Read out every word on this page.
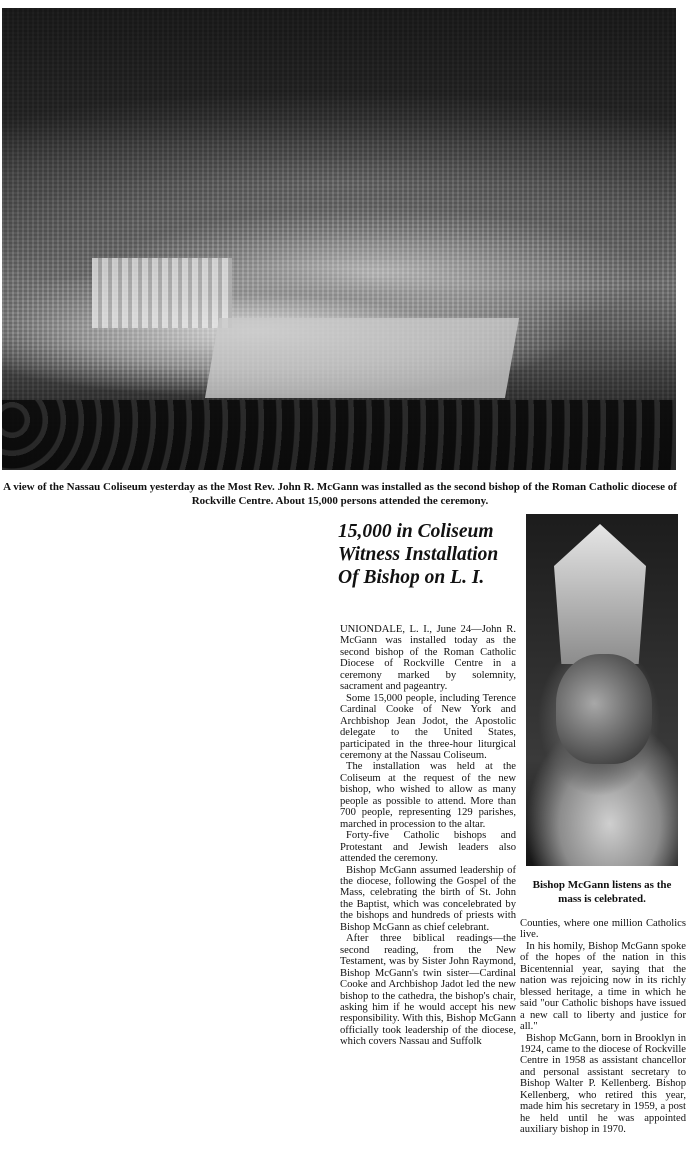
A view of the Nassau Coliseum yesterday as the Most Rev. John R. McGann was installed as the second bishop of the Roman Catholic diocese of Rockville Centre. About 15,000 persons attended the ceremony.
15,000 in Coliseum
Witness Installation
Of Bishop on L. I.
Bishop McGann listens as the mass is celebrated.

UNIONDALE, L. I., June 24—John R. McGann was installed today as the second bishop of the Roman Catholic Diocese of Rockville Centre in a ceremony marked by solemnity, sacrament and pageantry.

Some 15,000 people, including Terence Cardinal Cooke of New York and Archbishop Jean Jodot, the Apostolic delegate to the United States, participated in the three-hour liturgical ceremony at the Nassau Coliseum.

The installation was held at the Coliseum at the request of the new bishop, who wished to allow as many people as possible to attend. More than 700 people, representing 129 parishes, marched in procession to the altar.

Forty-five Catholic bishops and Protestant and Jewish leaders also attended the ceremony.

Bishop McGann assumed leadership of the diocese, following the Gospel of the Mass, celebrating the birth of St. John the Baptist, which was concelebrated by the bishops and hundreds of priests with Bishop McGann as chief celebrant.

After three biblical readings—the second reading, from the New Testament, was by Sister John Raymond, Bishop McGann's twin sister—Cardinal Cooke and Archbishop Jadot led the new bishop to the cathedra, the bishop's chair, asking him if he would accept his new responsibility. With this, Bishop McGann officially took leadership of the diocese, which covers Nassau and Suffolk

Counties, where one million Catholics live.

In his homily, Bishop McGann spoke of the hopes of the nation in this Bicentennial year, saying that the nation was rejoicing now in its richly blessed heritage, a time in which he said "our Catholic bishops have issued a new call to liberty and justice for all."

Bishop McGann, born in Brooklyn in 1924, came to the diocese of Rockville Centre in 1958 as assistant chancellor and personal assistant secretary to Bishop Walter P. Kellenberg. Bishop Kellenberg, who retired this year, made him his secretary in 1959, a post he held until he was appointed auxiliary bishop in 1970.
